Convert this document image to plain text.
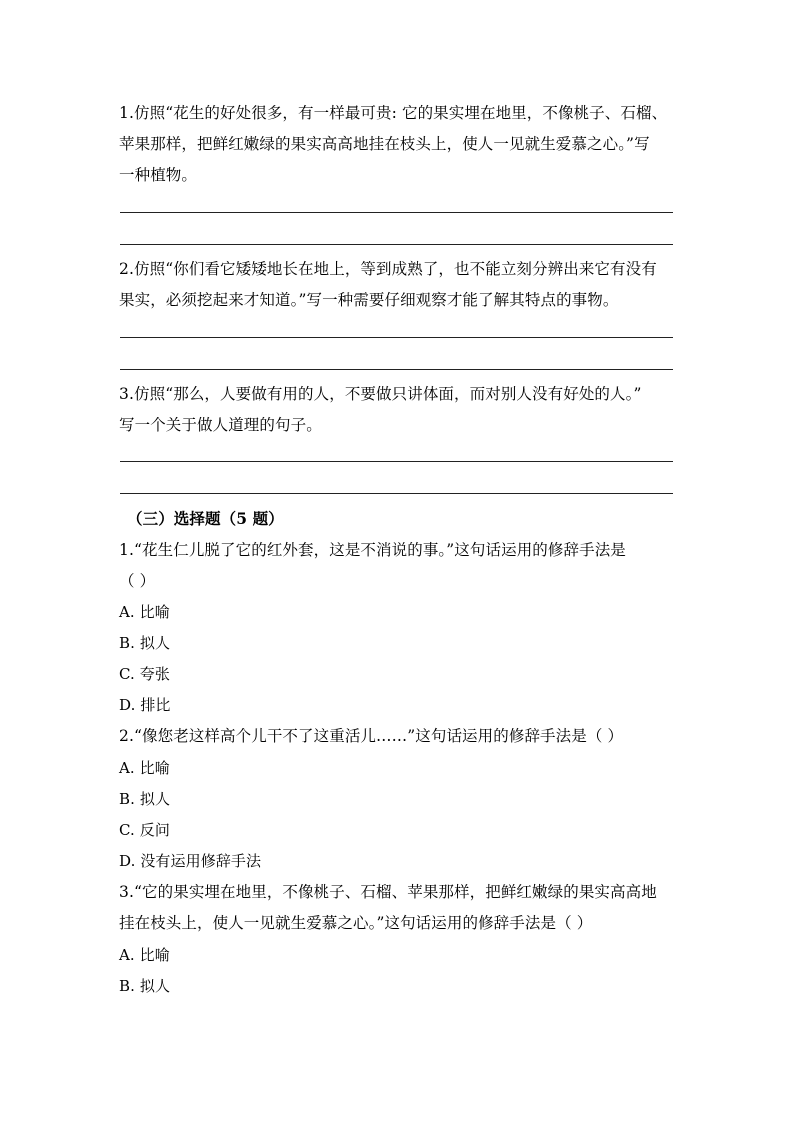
1.仿照“花生的好处很多，有一样最可贵: 它的果实埋在地里，不像桃子、石榴、
苹果那样，把鲜红嫩绿的果实高高地挂在枝头上，使人一见就生爱慕之心。”写
一种植物。
2.仿照“你们看它矮矮地长在地上，等到成熟了，也不能立刻分辨出来它有没有
果实，必须挖起来才知道。”写一种需要仔细观察才能了解其特点的事物。
3.仿照“那么，人要做有用的人，不要做只讲体面，而对别人没有好处的人。”
写一个关于做人道理的句子。
（三）选择题（5 题）
1.“花生仁儿脱了它的红外套，这是不消说的事。”这句话运用的修辞手法是
（ ）
A. 比喻
B. 拟人
C. 夸张
D. 排比
2.“像您老这样高个儿干不了这重活儿……”这句话运用的修辞手法是（ ）
A. 比喻
B. 拟人
C. 反问
D. 没有运用修辞手法
3.“它的果实埋在地里，不像桃子、石榴、苹果那样，把鲜红嫩绿的果实高高地
挂在枝头上，使人一见就生爱慕之心。”这句话运用的修辞手法是（ ）
A. 比喻
B. 拟人
